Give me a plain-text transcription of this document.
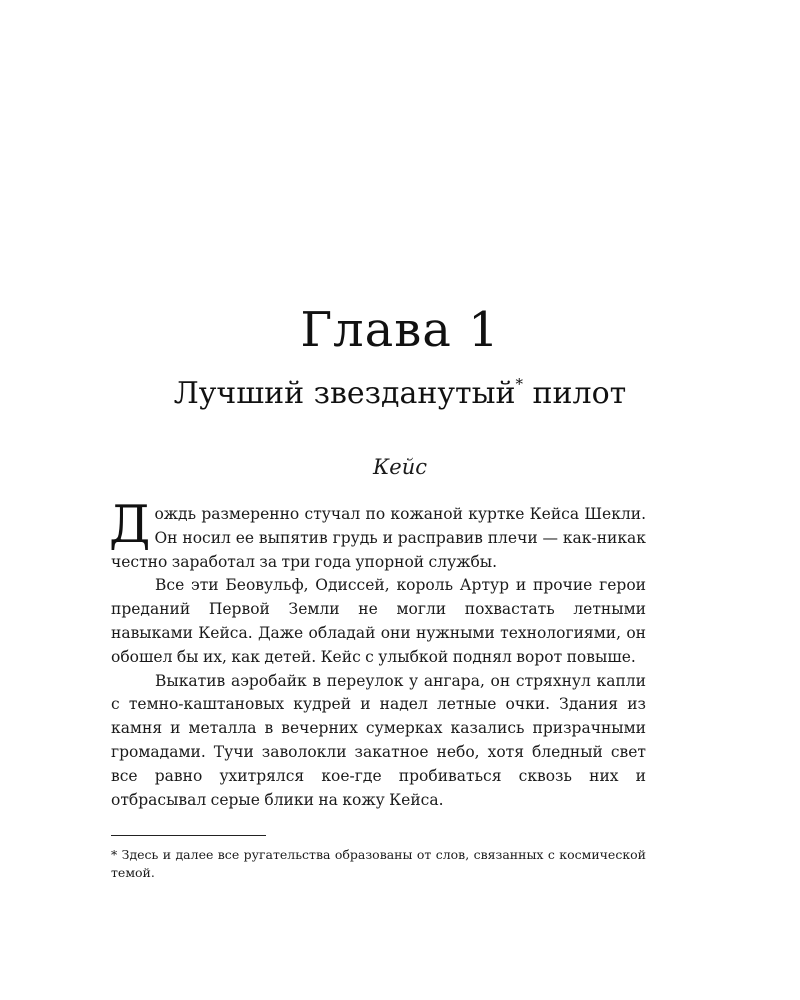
Глава 1
Лучший звезданутый* пилот
Кейс

Дождь размеренно стучал по кожаной куртке Кейса Шекли. Он носил ее выпятив грудь и расправив плечи — как-никак честно заработал за три года упорной службы.

Все эти Беовульф, Одиссей, король Артур и прочие герои преданий Первой Земли не могли похвастать летными навыками Кейса. Даже обладай они нужными технологиями, он обошел бы их, как детей. Кейс с улыбкой поднял ворот повыше.

Выкатив аэробайк в переулок у ангара, он стряхнул капли с темно-каштановых кудрей и надел летные очки. Здания из камня и металла в вечерних сумерках казались призрачными громадами. Тучи заволокли закатное небо, хотя бледный свет все равно ухитрялся кое-где пробиваться сквозь них и отбрасывал серые блики на кожу Кейса.

* Здесь и далее все ругательства образованы от слов, связанных с космической темой.
